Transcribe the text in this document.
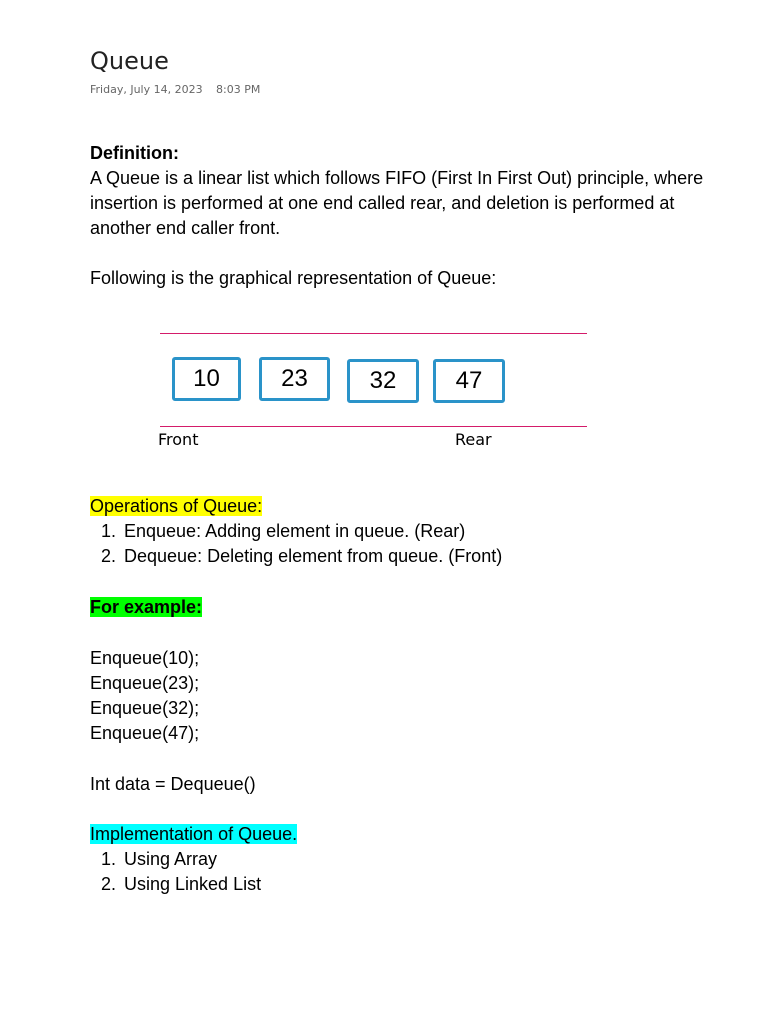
Queue
Friday, July 14, 2023 8:03 PM
Definition:
A Queue is a linear list which follows FIFO (First In First Out) principle, where
insertion is performed at one end called rear, and deletion is performed at
another end caller front.
Following is the graphical representation of Queue:
10	23	32	47
Front	Rear
Operations of Queue:
1. Enqueue: Adding element in queue. (Rear)
2. Dequeue: Deleting element from queue. (Front)
For example:
Enqueue(10);
Enqueue(23);
Enqueue(32);
Enqueue(47);
Int data = Dequeue()
Implementation of Queue.
1. Using Array
2. Using Linked List
